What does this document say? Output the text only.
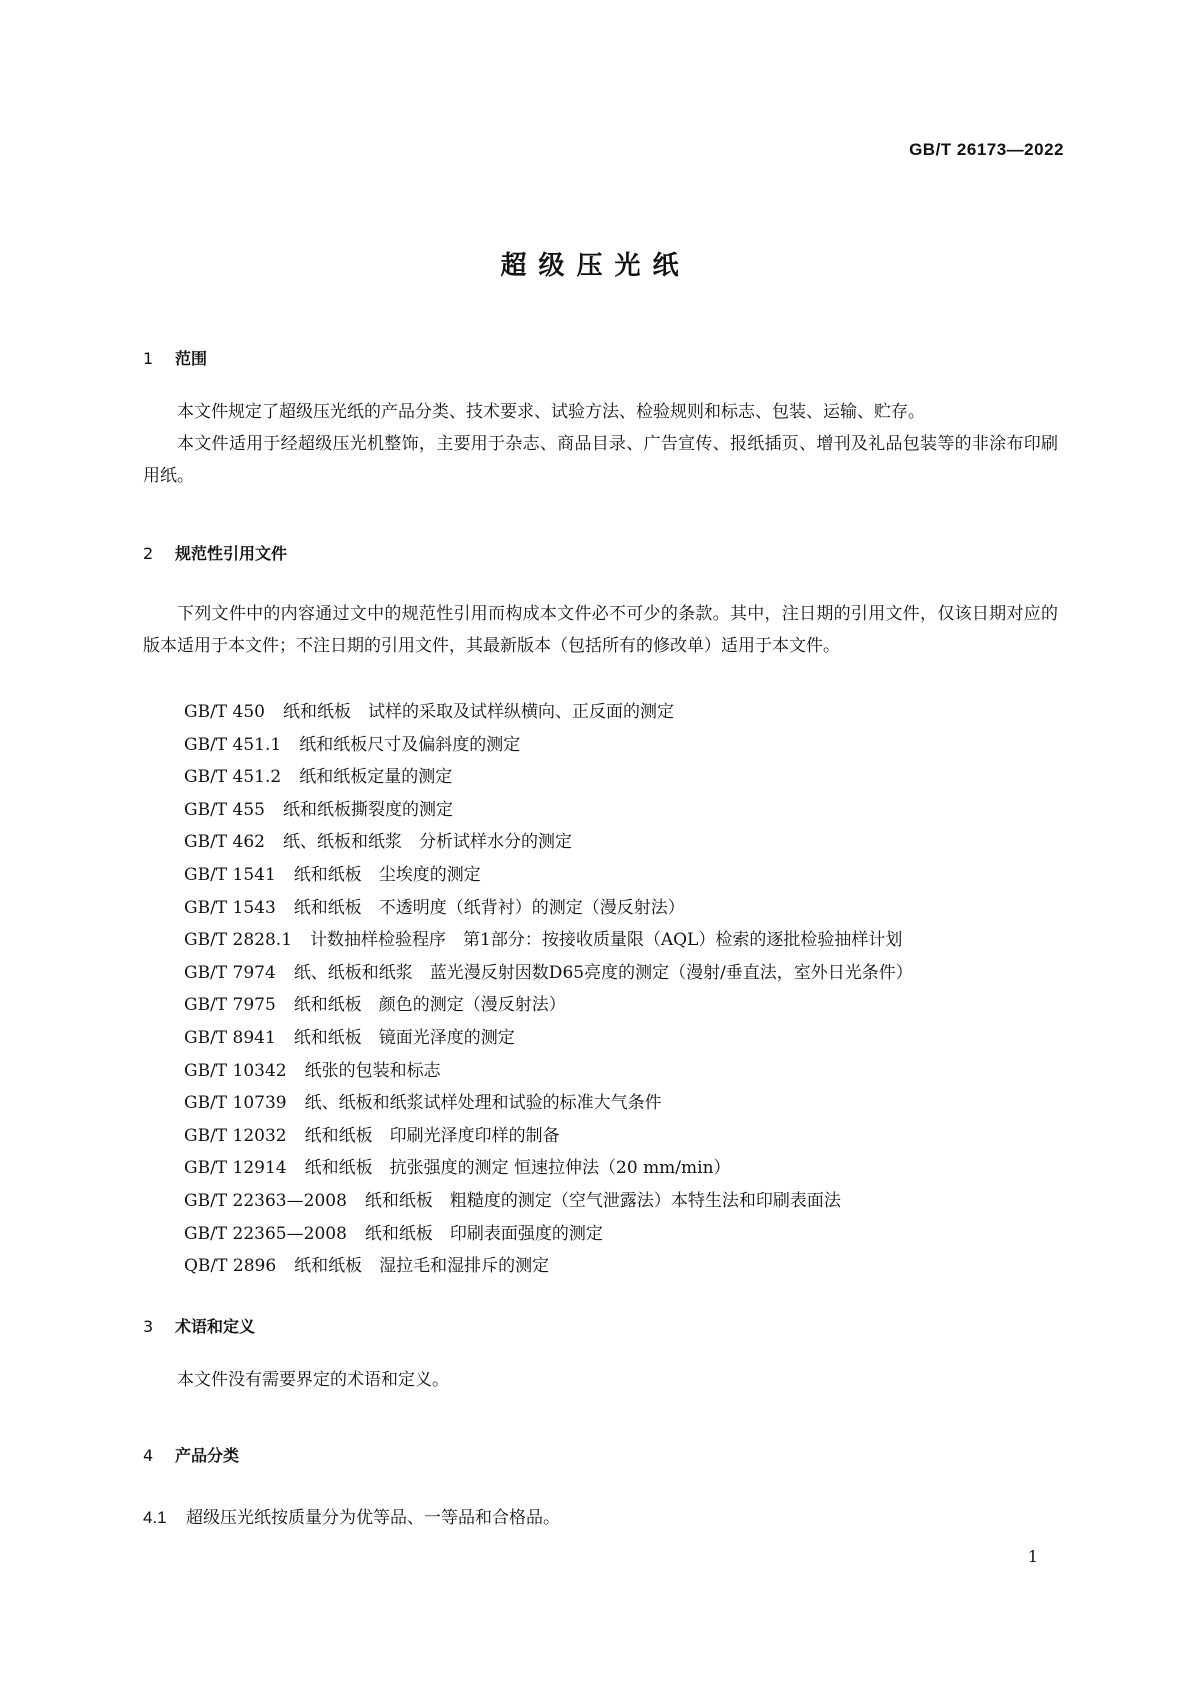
GB/T 26173—2022
超级压光纸
1 范围
本文件规定了超级压光纸的产品分类、技术要求、试验方法、检验规则和标志、包装、运输、贮存。
本文件适用于经超级压光机整饰，主要用于杂志、商品目录、广告宣传、报纸插页、增刊及礼品包装等的非涂布印刷用纸。
2 规范性引用文件
下列文件中的内容通过文中的规范性引用而构成本文件必不可少的条款。其中，注日期的引用文件，仅该日期对应的版本适用于本文件；不注日期的引用文件，其最新版本（包括所有的修改单）适用于本文件。
GB/T 450 纸和纸板　试样的采取及试样纵横向、正反面的测定
GB/T 451.1 纸和纸板尺寸及偏斜度的测定
GB/T 451.2 纸和纸板定量的测定
GB/T 455 纸和纸板撕裂度的测定
GB/T 462 纸、纸板和纸浆　分析试样水分的测定
GB/T 1541 纸和纸板　尘埃度的测定
GB/T 1543 纸和纸板　不透明度（纸背衬）的测定（漫反射法）
GB/T 2828.1 计数抽样检验程序　第1部分：按接收质量限（AQL）检索的逐批检验抽样计划
GB/T 7974 纸、纸板和纸浆　蓝光漫反射因数D65亮度的测定（漫射/垂直法，室外日光条件）
GB/T 7975 纸和纸板　颜色的测定（漫反射法）
GB/T 8941 纸和纸板　镜面光泽度的测定
GB/T 10342 纸张的包装和标志
GB/T 10739 纸、纸板和纸浆试样处理和试验的标准大气条件
GB/T 12032 纸和纸板　印刷光泽度印样的制备
GB/T 12914 纸和纸板　抗张强度的测定 恒速拉伸法（20 mm/min）
GB/T 22363—2008 纸和纸板　粗糙度的测定（空气泄露法）本特生法和印刷表面法
GB/T 22365—2008 纸和纸板　印刷表面强度的测定
QB/T 2896 纸和纸板　湿拉毛和湿排斥的测定
3 术语和定义
本文件没有需要界定的术语和定义。
4 产品分类
4.1 超级压光纸按质量分为优等品、一等品和合格品。
1
